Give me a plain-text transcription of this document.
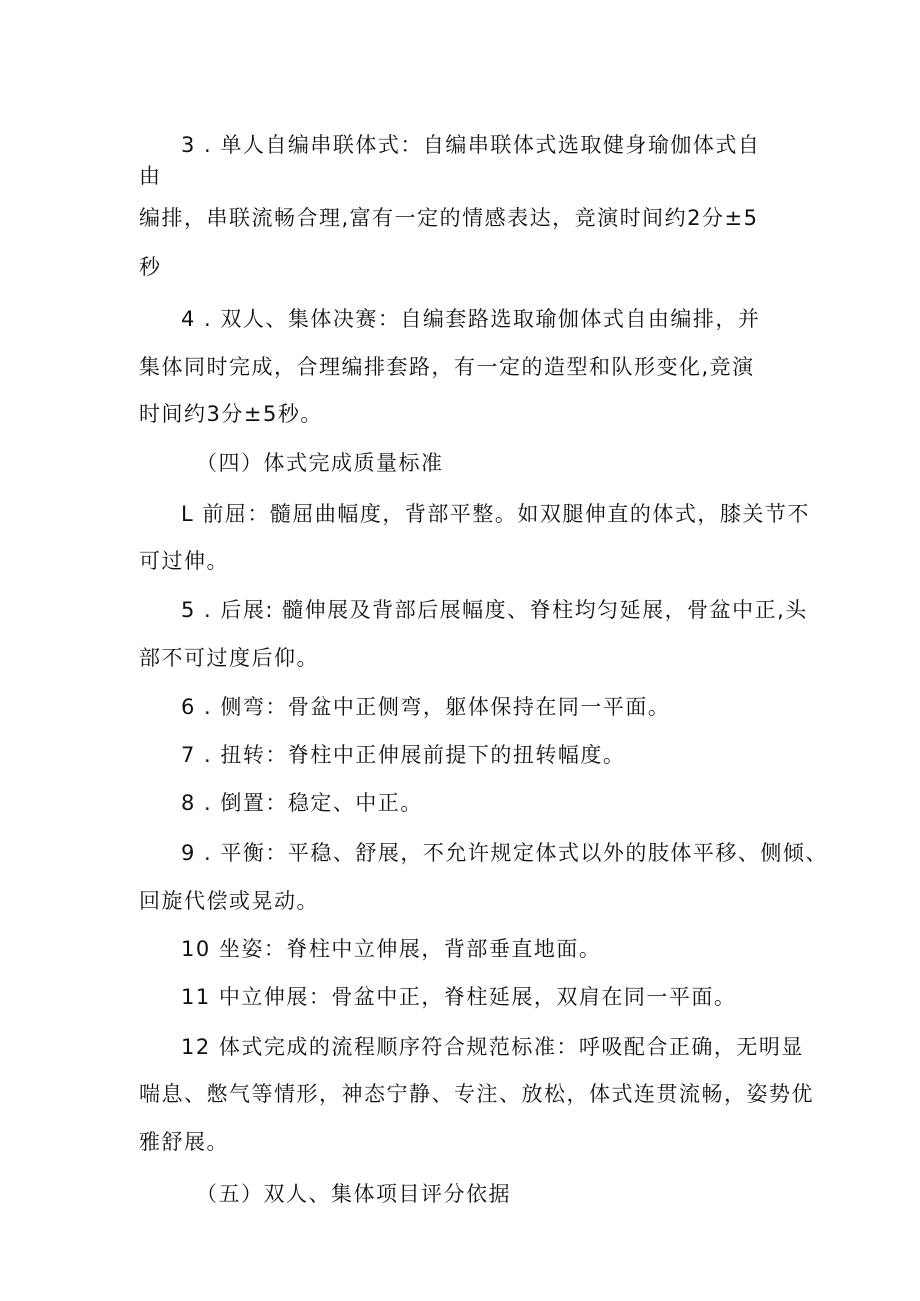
3 . 单人自编串联体式：自编串联体式选取健身瑜伽体式自

由

编排，串联流畅合理,富有一定的情感表达，竞演时间约2分±5

秒

4 . 双人、集体决赛：自编套路选取瑜伽体式自由编排，并

集体同时完成，合理编排套路，有一定的造型和队形变化,竞演

时间约3分±5秒。

（四）体式完成质量标准

L 前屈：髓屈曲幅度，背部平整。如双腿伸直的体式，膝关节不

可过伸。

5 . 后展: 髓伸展及背部后展幅度、脊柱均匀延展，骨盆中正,头

部不可过度后仰。

6 . 侧弯：骨盆中正侧弯，躯体保持在同一平面。

7 . 扭转：脊柱中正伸展前提下的扭转幅度。

8 . 倒置：稳定、中正。

9 . 平衡：平稳、舒展，不允许规定体式以外的肢体平移、侧倾、

回旋代偿或晃动。

10 坐姿：脊柱中立伸展，背部垂直地面。

11 中立伸展：骨盆中正，脊柱延展，双肩在同一平面。

12 体式完成的流程顺序符合规范标准：呼吸配合正确，无明显

喘息、憋气等情形，神态宁静、专注、放松，体式连贯流畅，姿势优

雅舒展。

（五）双人、集体项目评分依据
